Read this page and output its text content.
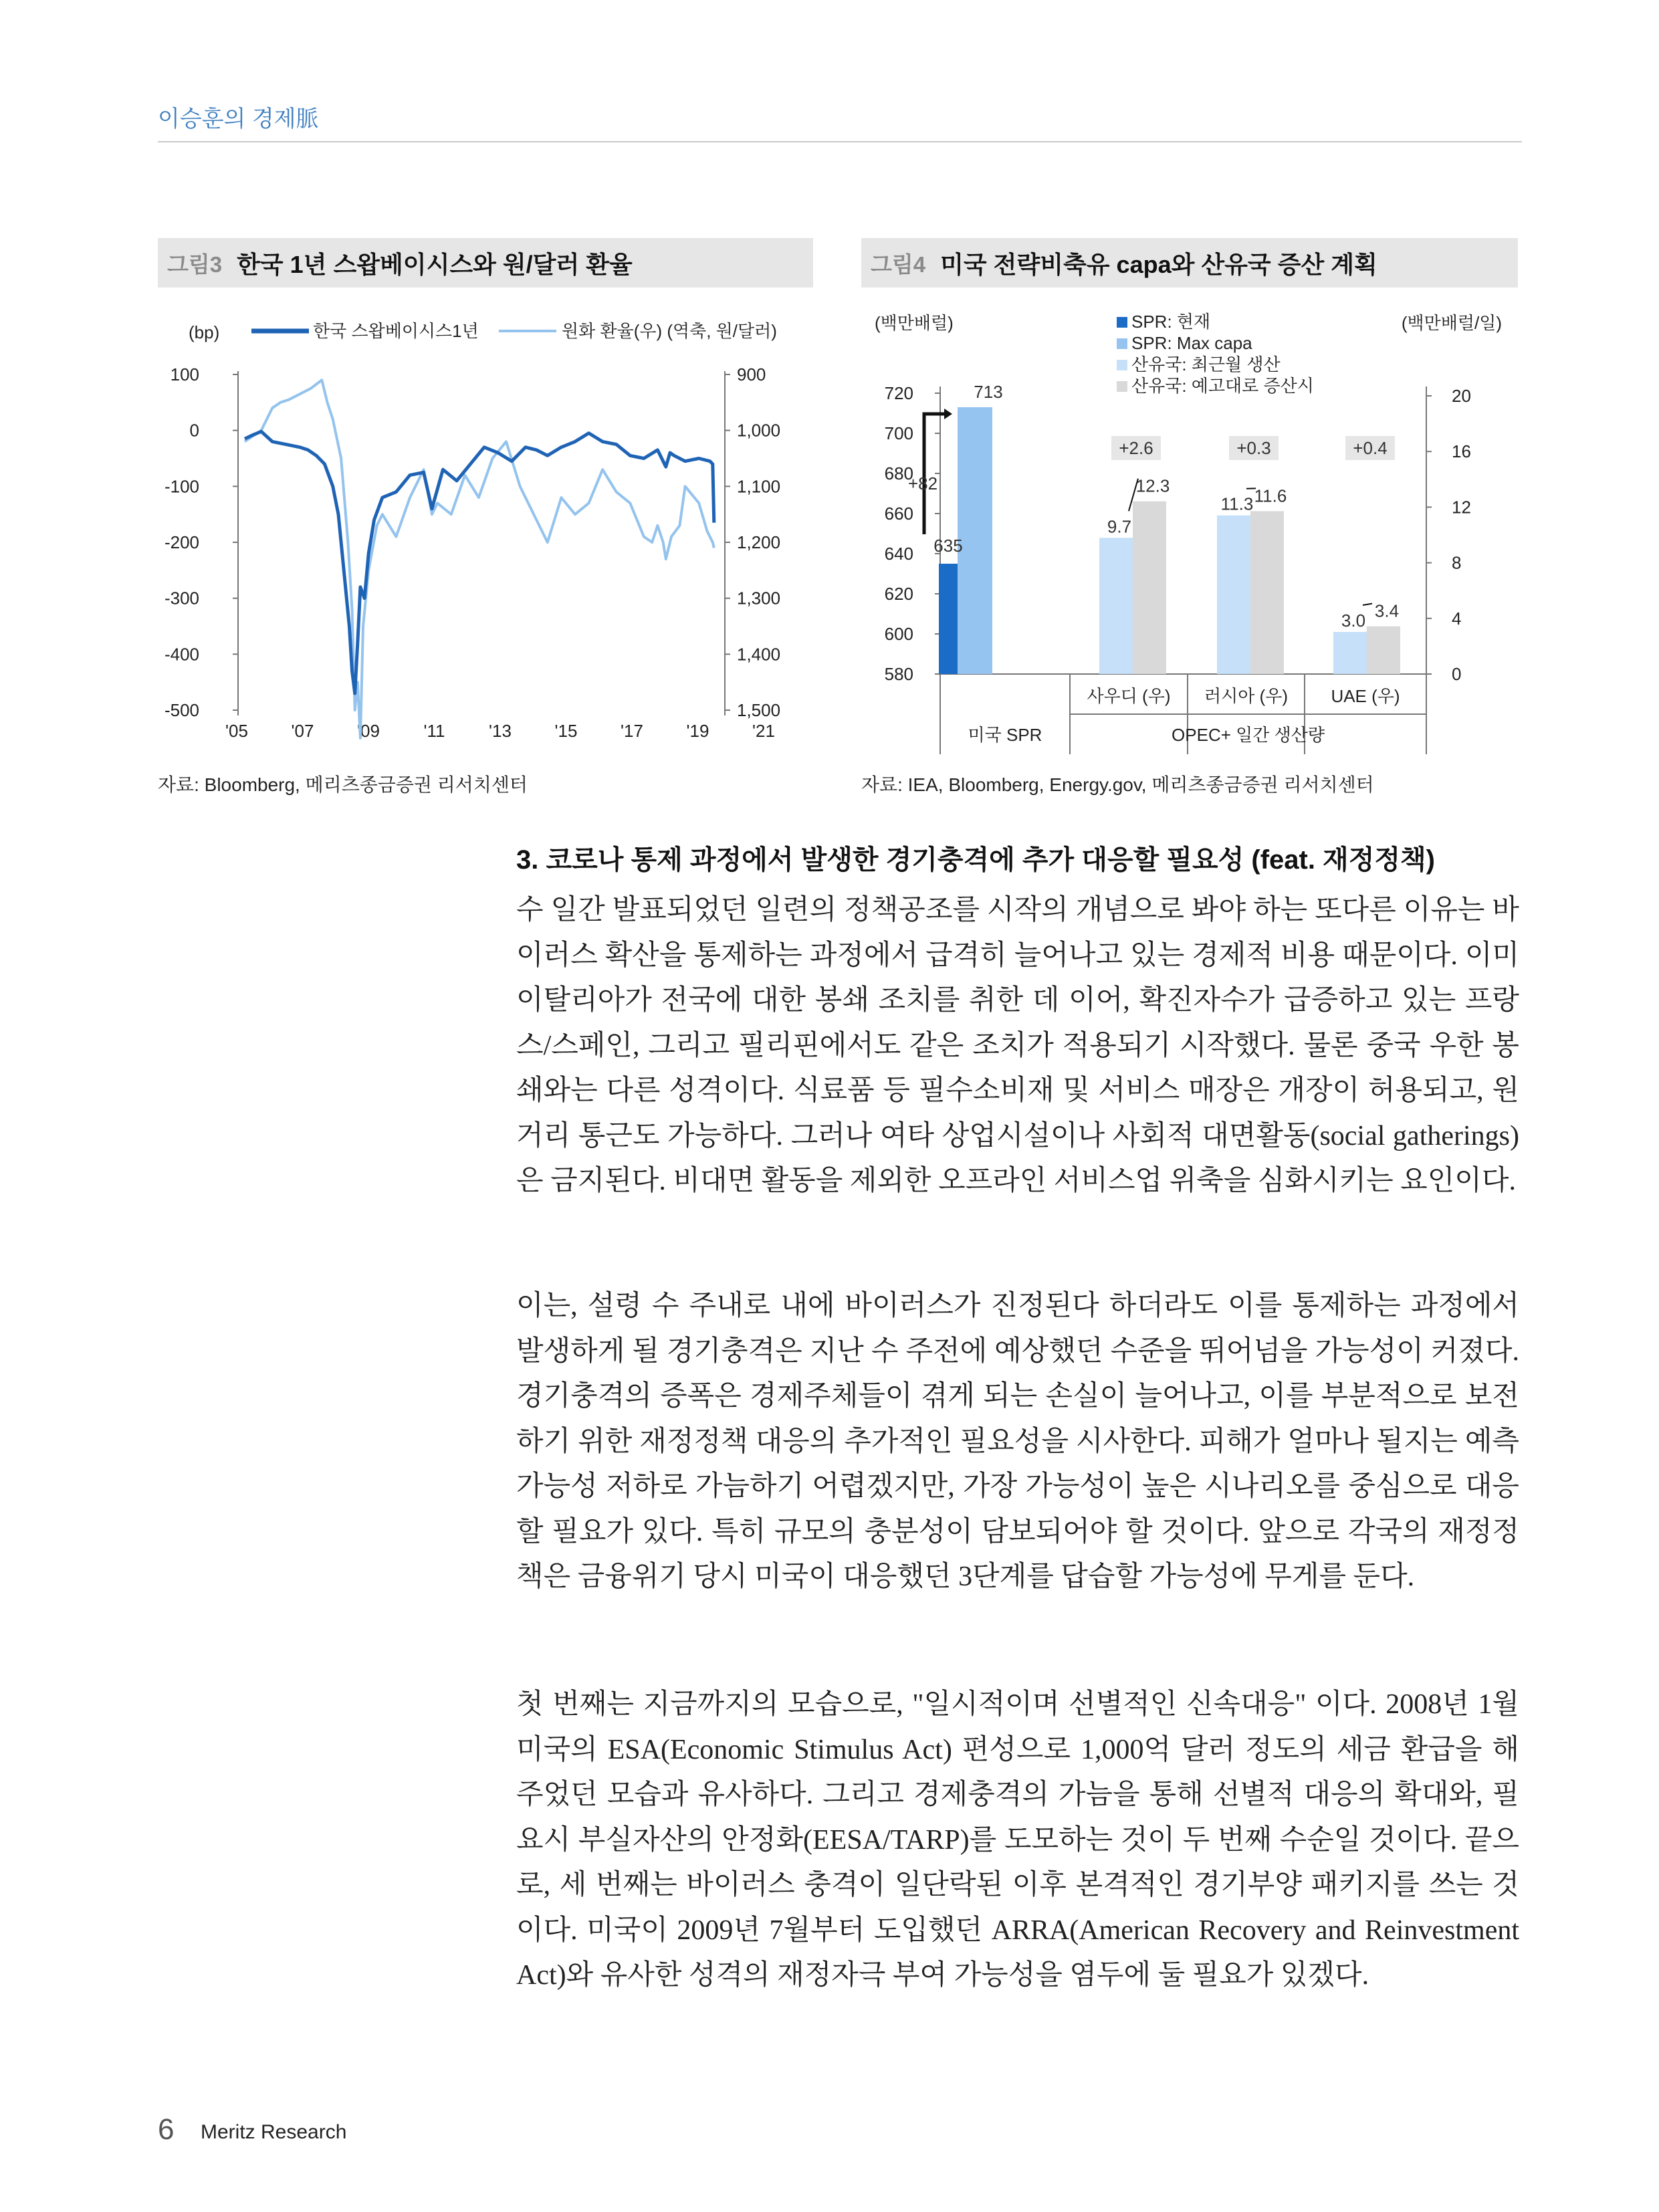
이승훈의 경제脈
그림3 한국 1년 스왑베이시스와 원/달러 환율
(bp)	한국 스왑베이시스1년	원화 환율(우) (역축, 원/달러)
100
0
-100
-200
-300
-400
-500
900
1,000
1,100
1,200
1,300
1,400
1,500
'05 '07 '09	'11	'13 '15 '17 '19 '21
자료: Bloomberg, 메리츠종금증권 리서치센터
그림4 미국 전략비축유 capa와 산유국 증산 계획
(백만배럴)	(백만배럴/일)
SPR: 현재
SPR: Max capa
산유국: 최근월 생산
산유국: 예고대로 증산시
720
700
680
660
640
620
600
580
20
16
12
8
4
0
사우디 (우) 러시아 (우) UAE (우)
미국 SPR	OPEC+ 일간 생산량
635
713
+82
9.7
12.3
+2.6
11.3 11.6
+0.3
3.0 3.4
+0.4
자료: IEA, Bloomberg, Energy.gov, 메리츠종금증권 리서치센터
3. 코로나 통제 과정에서 발생한 경기충격에 추가 대응할 필요성 (feat. 재정정책)

수 일간 발표되었던 일련의 정책공조를 시작의 개념으로 봐야 하는 또다른 이유는 바이러스 확산을 통제하는 과정에서 급격히 늘어나고 있는 경제적 비용 때문이다. 이미 이탈리아가 전국에 대한 봉쇄 조치를 취한 데 이어, 확진자수가 급증하고 있는 프랑스/스페인, 그리고 필리핀에서도 같은 조치가 적용되기 시작했다. 물론 중국 우한 봉쇄와는 다른 성격이다. 식료품 등 필수소비재 및 서비스 매장은 개장이 허용되고, 원거리 통근도 가능하다. 그러나 여타 상업시설이나 사회적 대면활동(social gatherings)은 금지된다. 비대면 활동을 제외한 오프라인 서비스업 위축을 심화시키는 요인이다.

이는, 설령 수 주내로 내에 바이러스가 진정된다 하더라도 이를 통제하는 과정에서 발생하게 될 경기충격은 지난 수 주전에 예상했던 수준을 뛰어넘을 가능성이 커졌다. 경기충격의 증폭은 경제주체들이 겪게 되는 손실이 늘어나고, 이를 부분적으로 보전하기 위한 재정정책 대응의 추가적인 필요성을 시사한다. 피해가 얼마나 될지는 예측 가능성 저하로 가늠하기 어렵겠지만, 가장 가능성이 높은 시나리오를 중심으로 대응할 필요가 있다. 특히 규모의 충분성이 담보되어야 할 것이다. 앞으로 각국의 재정정책은 금융위기 당시 미국이 대응했던 3단계를 답습할 가능성에 무게를 둔다.

첫 번째는 지금까지의 모습으로, "일시적이며 선별적인 신속대응" 이다. 2008년 1월 미국의 ESA(Economic Stimulus Act) 편성으로 1,000억 달러 정도의 세금 환급을 해 주었던 모습과 유사하다. 그리고 경제충격의 가늠을 통해 선별적 대응의 확대와, 필요시 부실자산의 안정화(EESA/TARP)를 도모하는 것이 두 번째 수순일 것이다. 끝으로, 세 번째는 바이러스 충격이 일단락된 이후 본격적인 경기부양 패키지를 쓰는 것이다. 미국이 2009년 7월부터 도입했던 ARRA(American Recovery and Reinvestment Act)와 유사한 성격의 재정자극 부여 가능성을 염두에 둘 필요가 있겠다.

6 Meritz Research
